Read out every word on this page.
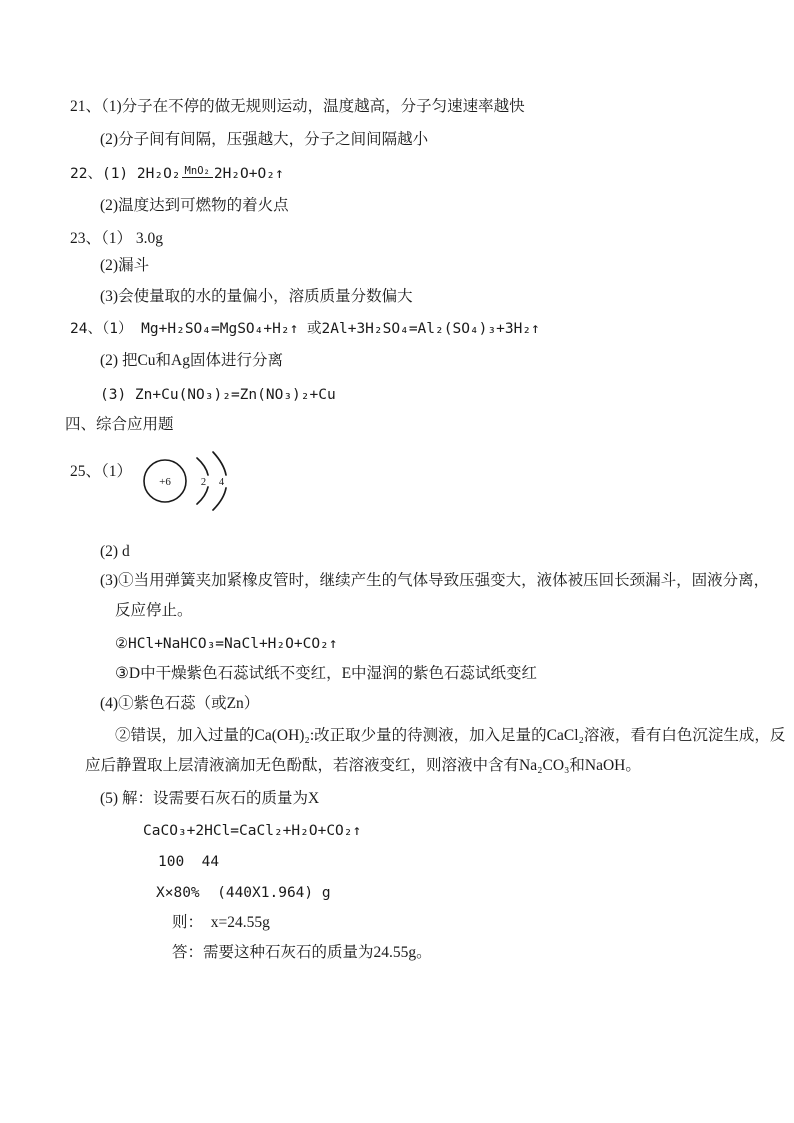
21、（1)分子在不停的做无规则运动，温度越高，分子匀速速率越快
(2)分子间有间隔，压强越大，分子之间间隔越小
22、(1) 2H₂O₂ MnO₂ 2H₂O+O₂↑
(2)温度达到可燃物的着火点
23、（1） 3.0g
(2)漏斗
(3)会使量取的水的量偏小，溶质质量分数偏大
24、（1） Mg+H₂SO₄=MgSO₄+H₂↑ 或2Al+3H₂SO₄=Al₂(SO₄)₃+3H₂↑
(2) 把Cu和Ag固体进行分离
(3) Zn+Cu(NO₃)₂=Zn(NO₃)₂+Cu
四、综合应用题
25、（1）
+6	2 4
(2) d
(3)①当用弹簧夹加紧橡皮管时，继续产生的气体导致压强变大，液体被压回长颈漏斗，固液分离，
反应停止。
②HCl+NaHCO₃=NaCl+H₂O+CO₂↑
③D中干燥紫色石蕊试纸不变红，E中湿润的紫色石蕊试纸变红
(4)①紫色石蕊（或Zn）
②错误，加入过量的Ca(OH)₂:改正取少量的待测液，加入足量的CaCl₂溶液，看有白色沉淀生成，反
应后静置取上层清液滴加无色酚酞，若溶液变红，则溶液中含有Na₂CO₃和NaOH。
(5) 解：设需要石灰石的质量为X
CaCO₃+2HCl=CaCl₂+H₂O+CO₂↑
100  44
X×80%  (440X1.964) g
则：  x=24.55g
答：需要这种石灰石的质量为24.55g。
